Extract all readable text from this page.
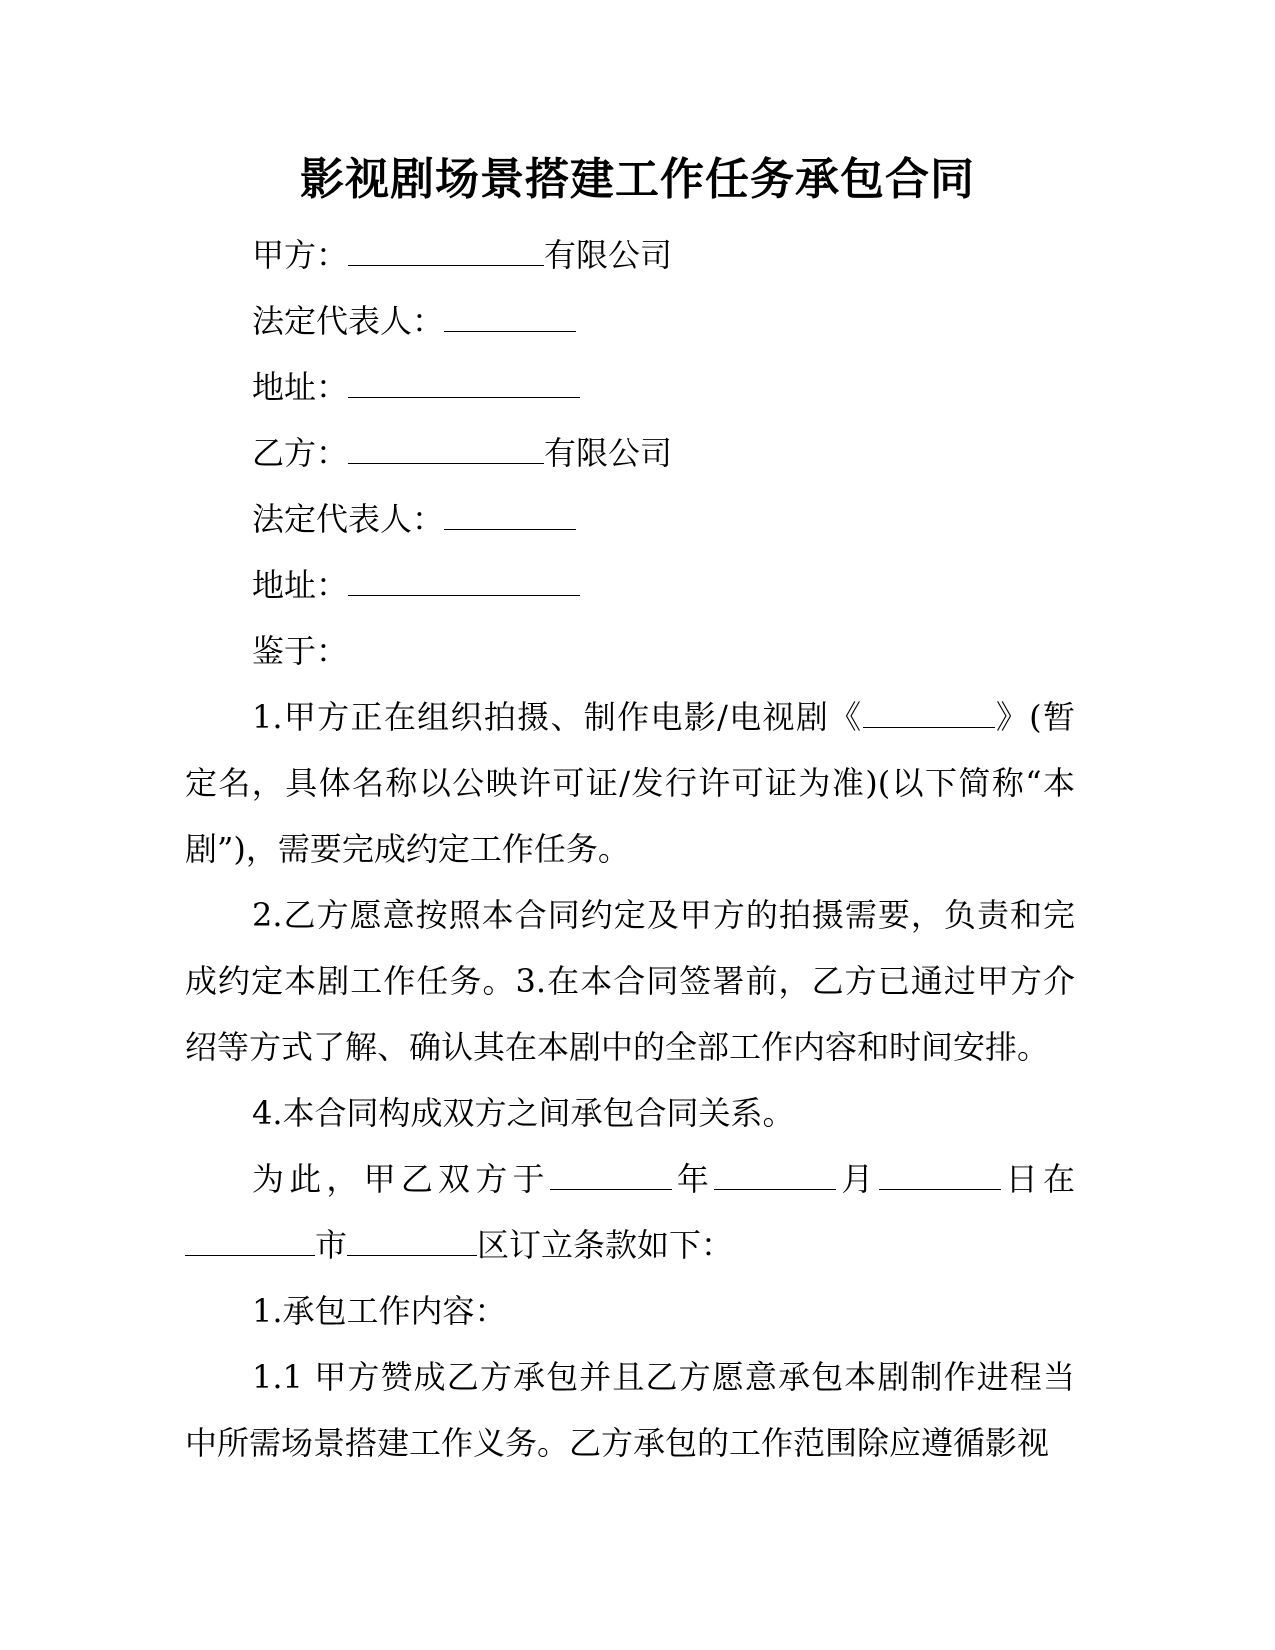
影视剧场景搭建工作任务承包合同
甲方：	有限公司
法定代表人：
地址：
乙方：	有限公司
法定代表人：
地址：
鉴于：
1.甲方正在组织拍摄、制作电影/电视剧《	》(暂定名，具体名称以公映许可证/发行许可证为准)(以下简称“本剧”)，需要完成约定工作任务。
2.乙方愿意按照本合同约定及甲方的拍摄需要，负责和完成约定本剧工作任务。3.在本合同签署前，乙方已通过甲方介绍等方式了解、确认其在本剧中的全部工作内容和时间安排。
4.本合同构成双方之间承包合同关系。
为此，甲乙双方于	年	月	日在市	区订立条款如下：
1.承包工作内容：
1.1 甲方赞成乙方承包并且乙方愿意承包本剧制作进程当中所需场景搭建工作义务。乙方承包的工作范围除应遵循影视
